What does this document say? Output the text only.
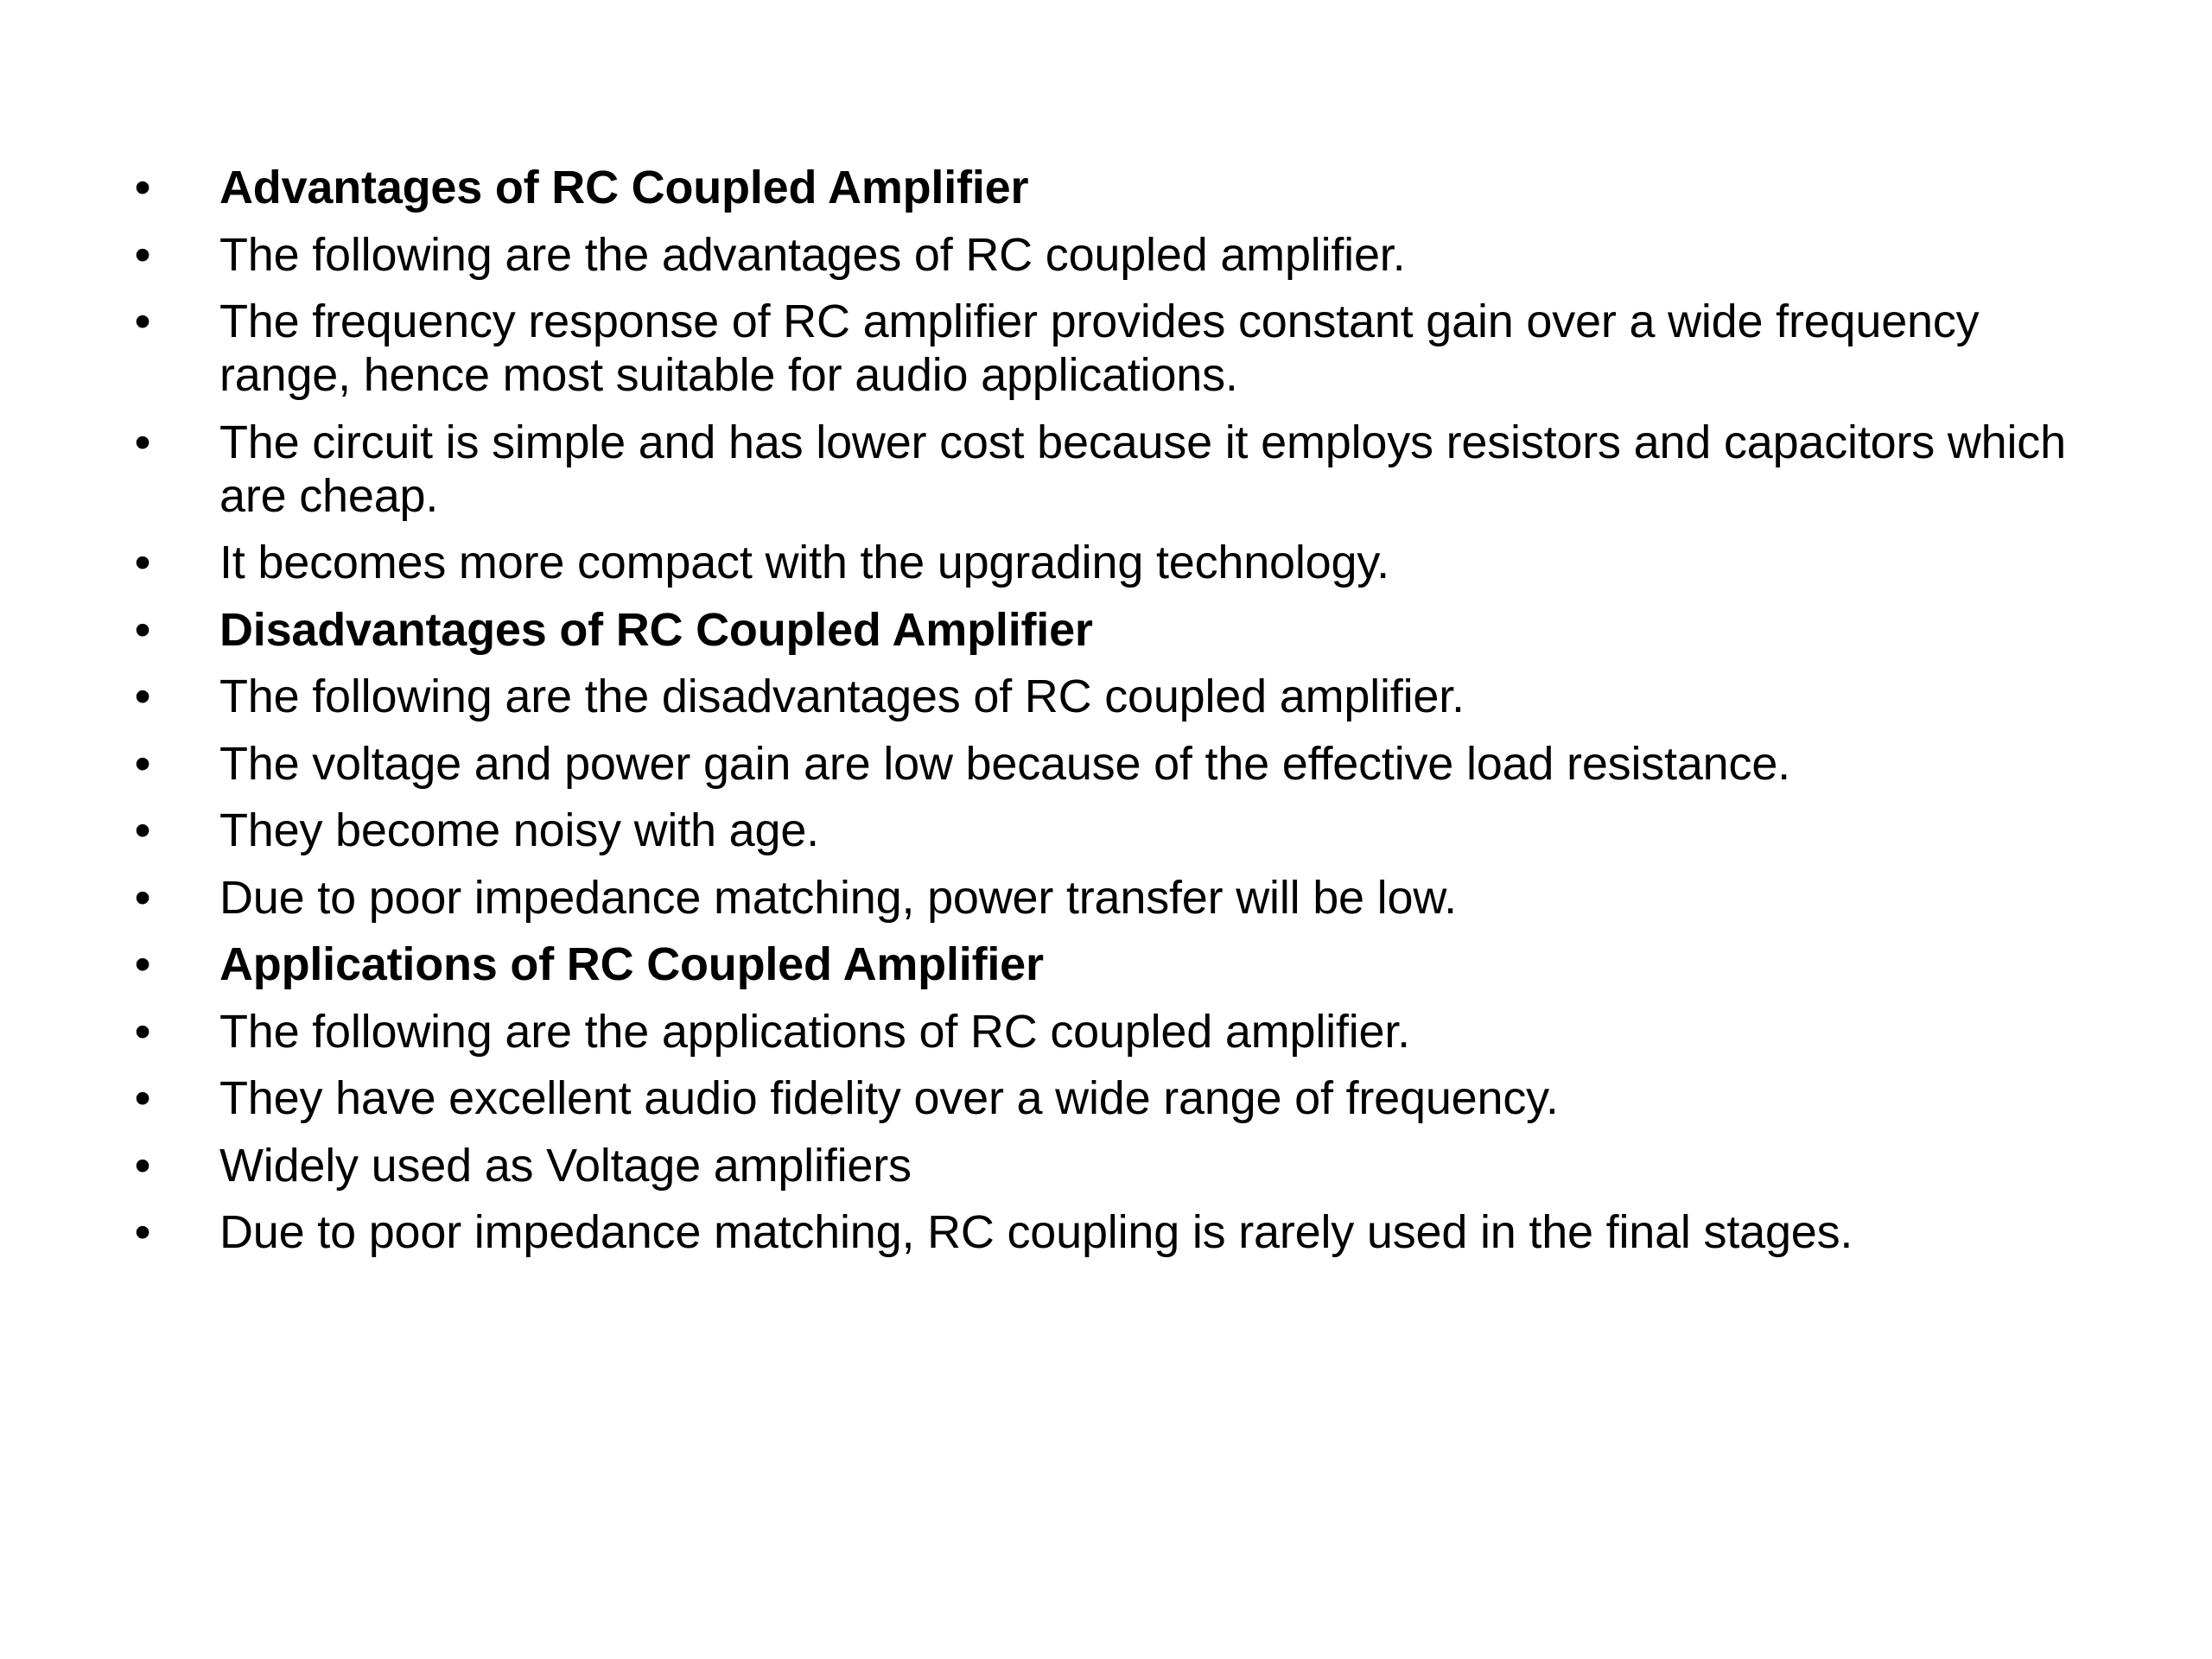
• Advantages of RC Coupled Amplifier
• The following are the advantages of RC coupled amplifier.
• The frequency response of RC amplifier provides constant gain over a wide frequency range, hence most suitable for audio applications.
• The circuit is simple and has lower cost because it employs resistors and capacitors which are cheap.
• It becomes more compact with the upgrading technology.
• Disadvantages of RC Coupled Amplifier
• The following are the disadvantages of RC coupled amplifier.
• The voltage and power gain are low because of the effective load resistance.
• They become noisy with age.
• Due to poor impedance matching, power transfer will be low.
• Applications of RC Coupled Amplifier
• The following are the applications of RC coupled amplifier.
• They have excellent audio fidelity over a wide range of frequency.
• Widely used as Voltage amplifiers
• Due to poor impedance matching, RC coupling is rarely used in the final stages.
